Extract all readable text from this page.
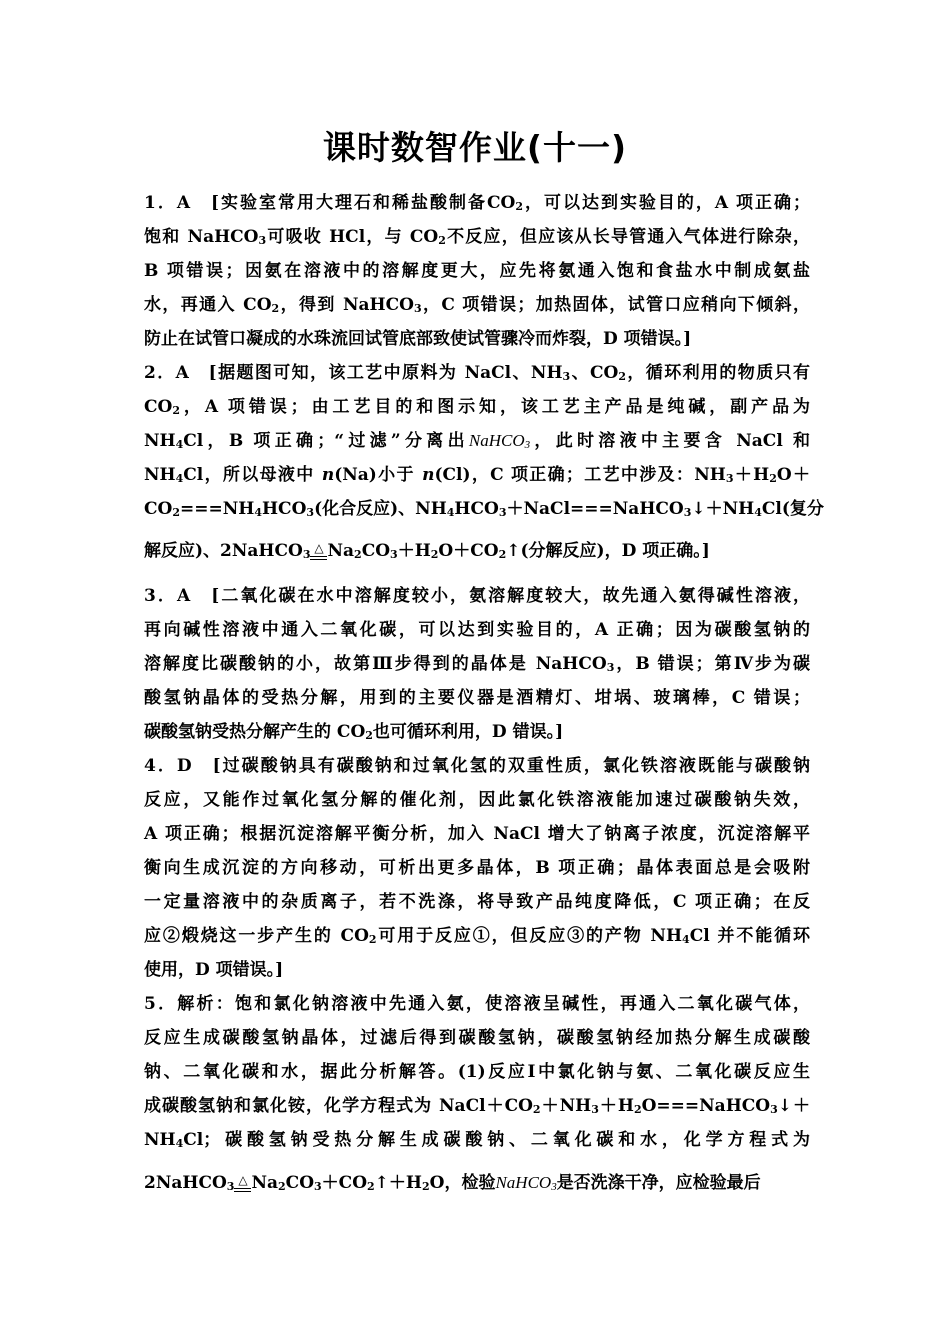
课时数智作业(十一)
1．A　[实验室常用大理石和稀盐酸制备$CO_2$，可以达到实验目的，A 项正确；
饱和 NaHCO$_3$可吸收 HCl，与 $CO_2$不反应，但应该从长导管通入气体进行除杂，
B 项错误；因氨在溶液中的溶解度更大，应先将氨通入饱和食盐水中制成氨盐
水，再通入 $CO_2$，得到 NaHCO$_3$，C 项错误；加热固体，试管口应稍向下倾斜，
防止在试管口凝成的水珠流回试管底部致使试管骤冷而炸裂，D 项错误。]
2．A　[据题图可知，该工艺中原料为 NaCl、$NH_3$、$CO_2$，循环利用的物质只有
$CO_2$，A 项错误；由工艺目的和图示知，该工艺主产品是纯碱，副产品为
$NH_4Cl$，B 项正确；“过滤”分离出NaHCO$_3$，此时溶液中主要含 NaCl 和
$NH_4Cl$，所以母液中 n(Na)小于 n(Cl)，C 项正确；工艺中涉及：$NH_3+H_2O+$
$CO_2===NH_4HCO_3$(化合反应)、$NH_4HCO_3+NaCl===NaHCO_3↓+NH_4Cl$(复分
解反应)、2NaHCO$_3$ △ $Na_2CO_3+H_2O+CO_2↑$(分解反应)，D 项正确。]
3．A　[二氧化碳在水中溶解度较小，氨溶解度较大，故先通入氨得碱性溶液，
再向碱性溶液中通入二氧化碳，可以达到实验目的，A 正确；因为碳酸氢钠的
溶解度比碳酸钠的小，故第Ⅲ步得到的晶体是 NaHCO$_3$，B 错误；第Ⅳ步为碳
酸氢钠晶体的受热分解，用到的主要仪器是酒精灯、坩埚、玻璃棒，C 错误；
碳酸氢钠受热分解产生的 $CO_2$也可循环利用，D 错误。]
4．D　[过碳酸钠具有碳酸钠和过氧化氢的双重性质，氯化铁溶液既能与碳酸钠
反应，又能作过氧化氢分解的催化剂，因此氯化铁溶液能加速过碳酸钠失效，
A 项正确；根据沉淀溶解平衡分析，加入 NaCl 增大了钠离子浓度，沉淀溶解平
衡向生成沉淀的方向移动，可析出更多晶体，B 项正确；晶体表面总是会吸附
一定量溶液中的杂质离子，若不洗涤，将导致产品纯度降低，C 项正确；在反
应②煅烧这一步产生的 $CO_2$可用于反应①，但反应③的产物 $NH_4Cl$ 并不能循环
使用，D 项错误。]
5．解析：饱和氯化钠溶液中先通入氨，使溶液呈碱性，再通入二氧化碳气体，
反应生成碳酸氢钠晶体，过滤后得到碳酸氢钠，碳酸氢钠经加热分解生成碳酸
钠、二氧化碳和水，据此分析解答。(1)反应Ⅰ中氯化钠与氨、二氧化碳反应生
成碳酸氢钠和氯化铵，化学方程式为 $NaCl+CO_2+NH_3+H_2O===NaHCO_3↓+$
$NH_4Cl$；碳酸氢钠受热分解生成碳酸钠、二氧化碳和水，化学方程式为
2NaHCO$_3$ △ $Na_2CO_3+CO_2↑+H_2O$，检验NaHCO$_3$是否洗涤干净，应检验最后
